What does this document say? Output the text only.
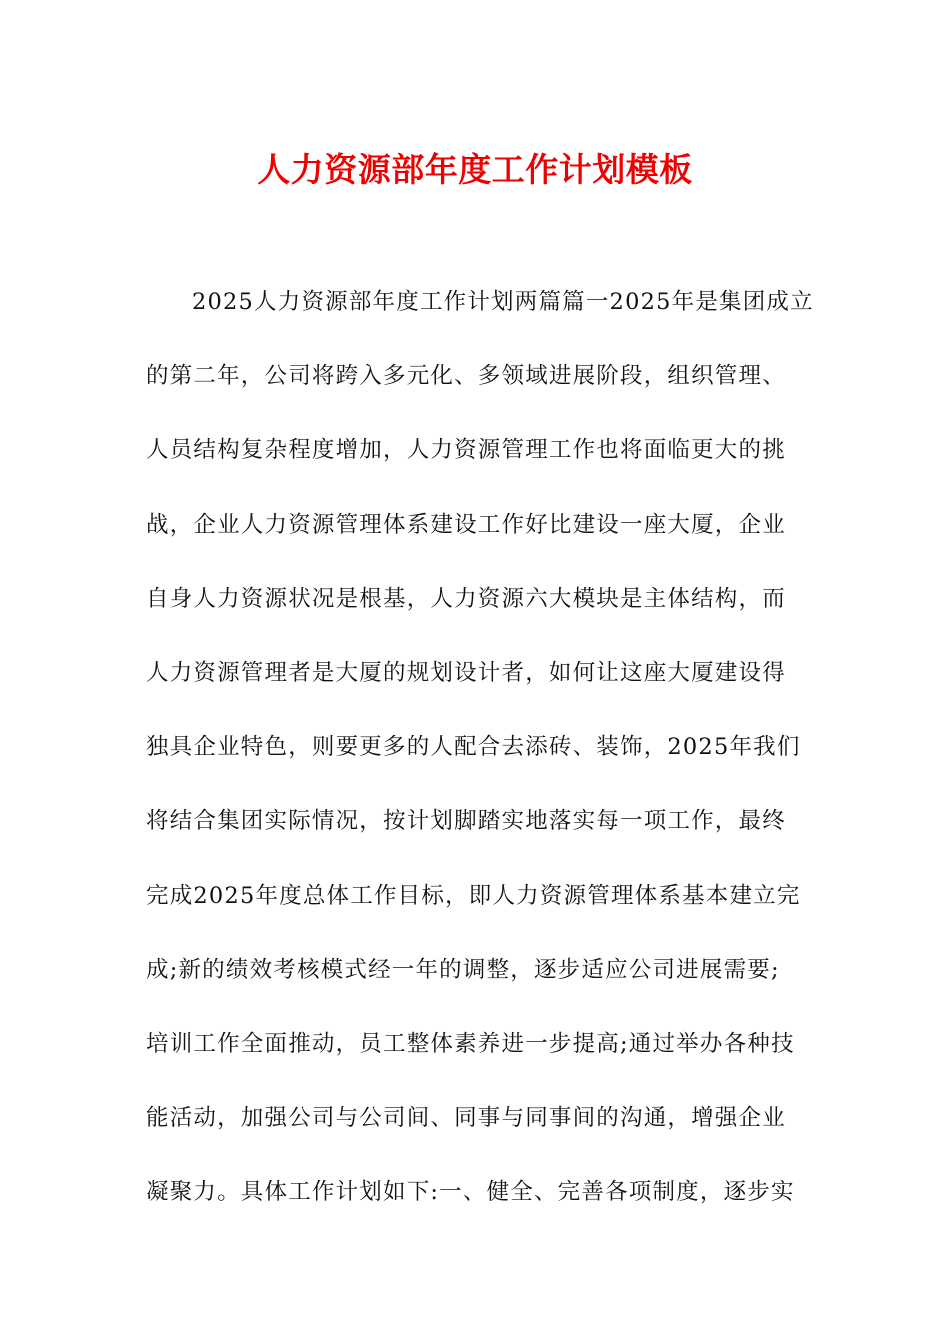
人力资源部年度工作计划模板
2025人力资源部年度工作计划两篇篇一2025年是集团成立
的第二年，公司将跨入多元化、多领域进展阶段，组织管理、
人员结构复杂程度增加，人力资源管理工作也将面临更大的挑
战，企业人力资源管理体系建设工作好比建设一座大厦，企业
自身人力资源状况是根基，人力资源六大模块是主体结构，而
人力资源管理者是大厦的规划设计者，如何让这座大厦建设得
独具企业特色，则要更多的人配合去添砖、装饰，2025年我们
将结合集团实际情况，按计划脚踏实地落实每一项工作，最终
完成2025年度总体工作目标，即人力资源管理体系基本建立完
成;新的绩效考核模式经一年的调整，逐步适应公司进展需要;
培训工作全面推动，员工整体素养进一步提高;通过举办各种技
能活动，加强公司与公司间、同事与同事间的沟通，增强企业
凝聚力。具体工作计划如下:一、健全、完善各项制度，逐步实
